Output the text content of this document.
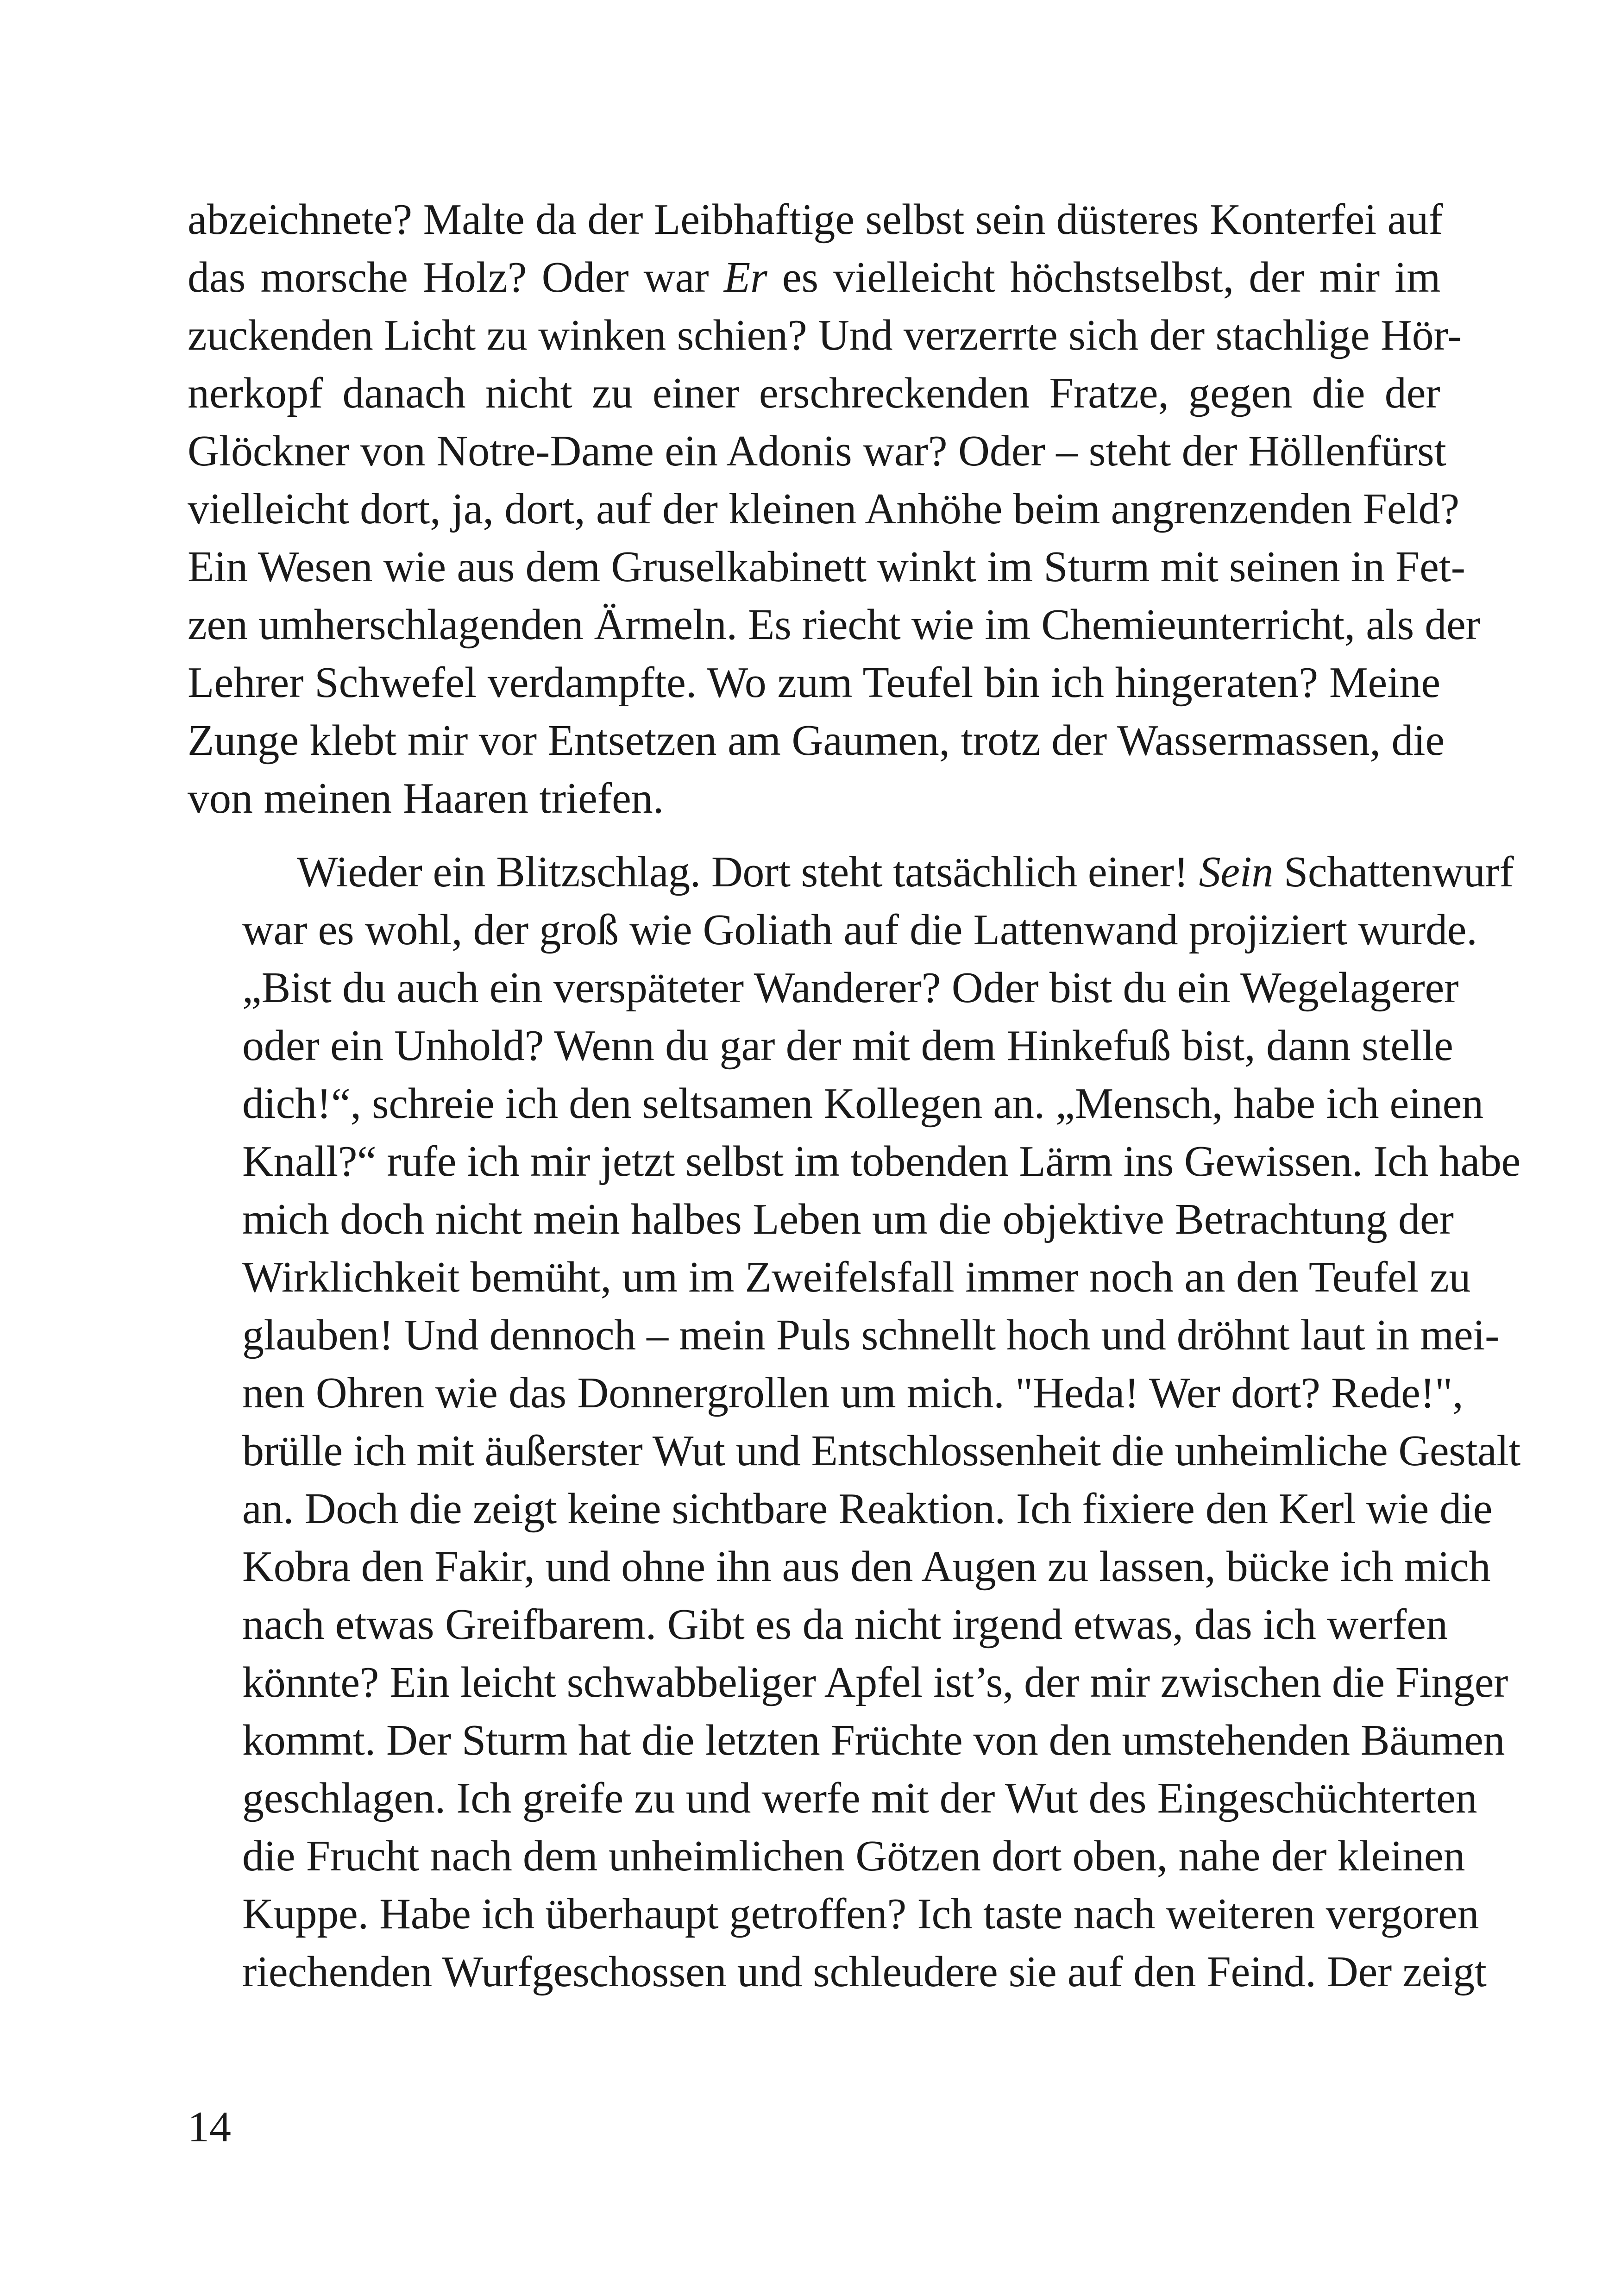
abzeichnete? Malte da der Leibhaftige selbst sein düsteres Konterfei auf
das morsche Holz? Oder war Er es vielleicht höchstselbst, der mir im
zuckenden Licht zu winken schien? Und verzerrte sich der stachlige Hör-
nerkopf danach nicht zu einer erschreckenden Fratze, gegen die der
Glöckner von Notre-Dame ein Adonis war? Oder – steht der Höllenfürst
vielleicht dort, ja, dort, auf der kleinen Anhöhe beim angrenzenden Feld?
Ein Wesen wie aus dem Gruselkabinett winkt im Sturm mit seinen in Fet-
zen umherschlagenden Ärmeln. Es riecht wie im Chemieunterricht, als der
Lehrer Schwefel verdampfte. Wo zum Teufel bin ich hingeraten? Meine
Zunge klebt mir vor Entsetzen am Gaumen, trotz der Wassermassen, die
von meinen Haaren triefen.

Wieder ein Blitzschlag. Dort steht tatsächlich einer! Sein Schattenwurf
war es wohl, der groß wie Goliath auf die Lattenwand projiziert wurde.
„Bist du auch ein verspäteter Wanderer? Oder bist du ein Wegelagerer
oder ein Unhold? Wenn du gar der mit dem Hinkefuß bist, dann stelle
dich!“, schreie ich den seltsamen Kollegen an. „Mensch, habe ich einen
Knall?“ rufe ich mir jetzt selbst im tobenden Lärm ins Gewissen. Ich habe
mich doch nicht mein halbes Leben um die objektive Betrachtung der
Wirklichkeit bemüht, um im Zweifelsfall immer noch an den Teufel zu
glauben! Und dennoch – mein Puls schnellt hoch und dröhnt laut in mei-
nen Ohren wie das Donnergrollen um mich. "Heda! Wer dort? Rede!",
brülle ich mit äußerster Wut und Entschlossenheit die unheimliche Gestalt
an. Doch die zeigt keine sichtbare Reaktion. Ich fixiere den Kerl wie die
Kobra den Fakir, und ohne ihn aus den Augen zu lassen, bücke ich mich
nach etwas Greifbarem. Gibt es da nicht irgend etwas, das ich werfen
könnte? Ein leicht schwabbeliger Apfel ist’s, der mir zwischen die Finger
kommt. Der Sturm hat die letzten Früchte von den umstehenden Bäumen
geschlagen. Ich greife zu und werfe mit der Wut des Eingeschüchterten
die Frucht nach dem unheimlichen Götzen dort oben, nahe der kleinen
Kuppe. Habe ich überhaupt getroffen? Ich taste nach weiteren vergoren
riechenden Wurfgeschossen und schleudere sie auf den Feind. Der zeigt

14
